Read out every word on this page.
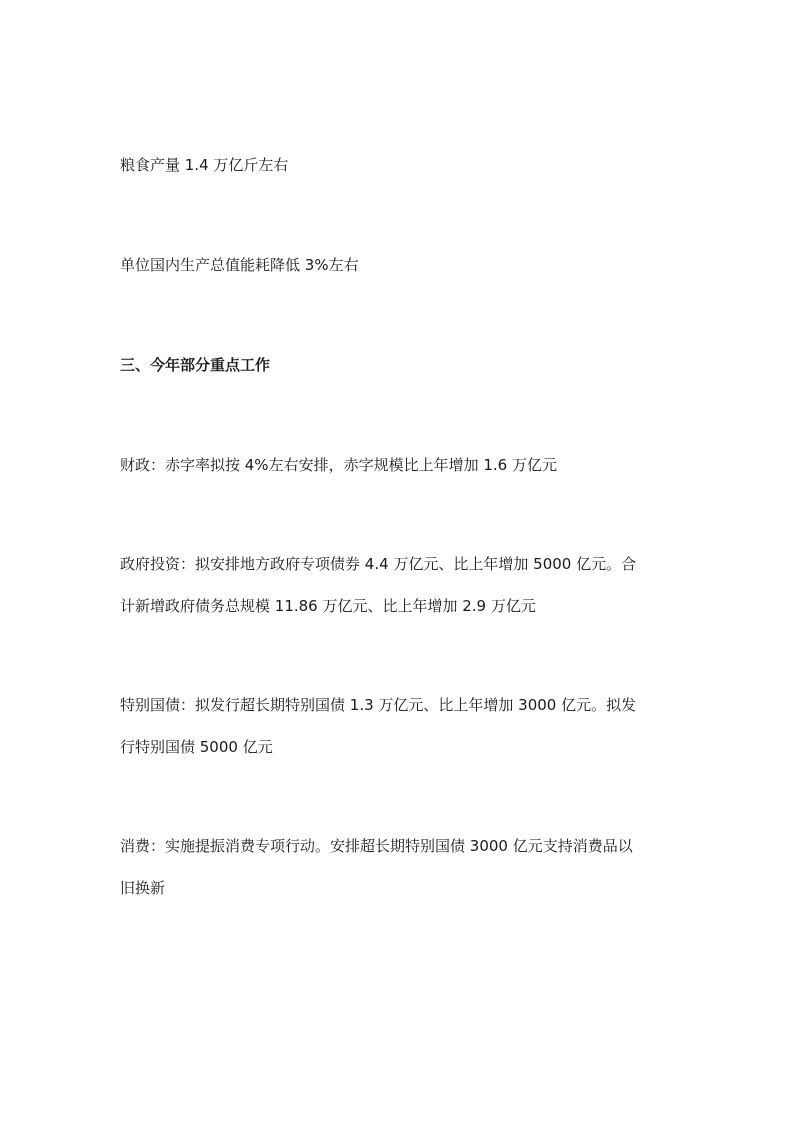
粮食产量 1.4 万亿斤左右
单位国内生产总值能耗降低 3%左右
三、今年部分重点工作
财政：赤字率拟按 4%左右安排，赤字规模比上年增加 1.6 万亿元
政府投资：拟安排地方政府专项债券 4.4 万亿元、比上年增加 5000 亿元。合
计新增政府债务总规模 11.86 万亿元、比上年增加 2.9 万亿元
特别国债：拟发行超长期特别国债 1.3 万亿元、比上年增加 3000 亿元。拟发
行特别国债 5000 亿元
消费：实施提振消费专项行动。安排超长期特别国债 3000 亿元支持消费品以
旧换新
